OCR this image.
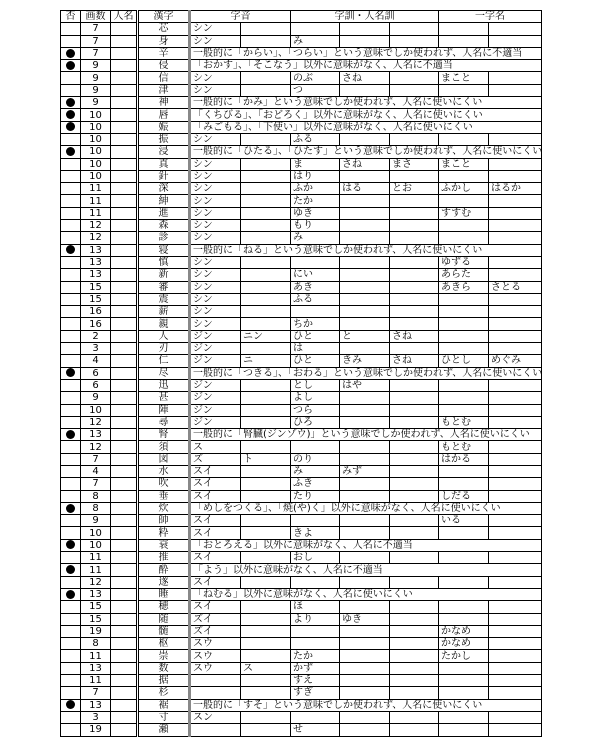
否	画数	人名	漢字	字音		字訓・人名訓			一字名	
	7		芯	シン						
	7		身	シン		み				
	7		辛	一般的に「からい」、「つらい」という意味でしか使われず、人名に不適当						
	9		侵	「おかす」、「そこなう」以外に意味がなく、人名に不適当						
	9		信	シン		のぶ	さね		まこと	
	9		津	シン		つ				
	9		神	一般的に「かみ」という意味でしか使われず、人名に使いにくい						
	10		唇	「くちびる」、「おどろく」以外に意味がなく、人名に使いにくい						
	10		娠	「みごもる」、「下使い」以外に意味がなく、人名に使いにくい						
	10		振	シン		ふる				
	10		浸	一般的に「ひたる」、「ひたす」という意味でしか使われず、人名に使いにくい						
	10		真	シン		ま	さね	まさ	まこと	
	10		針	シン		はり				
	11		深	シン		ふか	はる	とお	ふかし	はるか
	11		紳	シン		たか				
	11		進	シン		ゆき			すすむ	
	12		森	シン		もり				
	12		診	シン		み				
	13		寝	一般的に「ねる」という意味でしか使われず、人名に使いにくい						
	13		慎	シン					ゆずる	
	13		新	シン		にい			あらた	
	15		審	シン		あき			あきら	さとる
	15		震	シン		ふる				
	16		薪	シン						
	16		親	シン		ちか				
	2		人	ジン	ニン	ひと	と	さね		
	3		刃	ジン		は				
	4		仁	ジン	ニ	ひと	きみ	さね	ひとし	めぐみ
	6		尽	一般的に「つきる」、「おわる」という意味でしか使われず、人名に使いにくい						
	6		迅	ジン		とし	はや			
	9		甚	ジン		よし				
	10		陣	ジン		つら				
	12		尋	ジン		ひろ			もとむ	
	13		腎	一般的に「腎臓(ジンゾウ)」という意味でしか使われず、人名に使いにくい						
	12		須	ス					もとむ	
	7		図	ズ	ト	のり			はかる	
	4		水	スイ		み	みず			
	7		吹	スイ		ふき				
	8		垂	スイ		たり			しだる	
	8		炊	「めしをつくる」、「焼(や)く」以外に意味がなく、人名に使いにくい						
	9		帥	スイ					いる	
	10		粋	スイ		きよ				
	10		衰	「おとろえる」以外に意味がなく、人名に不適当						
	11		推	スイ		おし				
	11		酔	「よう」以外に意味がなく、人名に不適当						
	12		遂	スイ						
	13		睡	「ねむる」以外に意味がなく、人名に使いにくい						
	15		穂	スイ		ほ				
	15		随	ズイ		より	ゆき			
	19		髄	ズイ					かなめ	
	8		枢	スウ					かなめ	
	11		崇	スウ		たか			たかし	
	13		数	スウ	ス	かず				
	11		据			すえ				
	7		杉			すぎ				
	13		裾	一般的に「すそ」という意味でしか使われず、人名に使いにくい						
	3		寸	スン						
	19		瀬			せ				
